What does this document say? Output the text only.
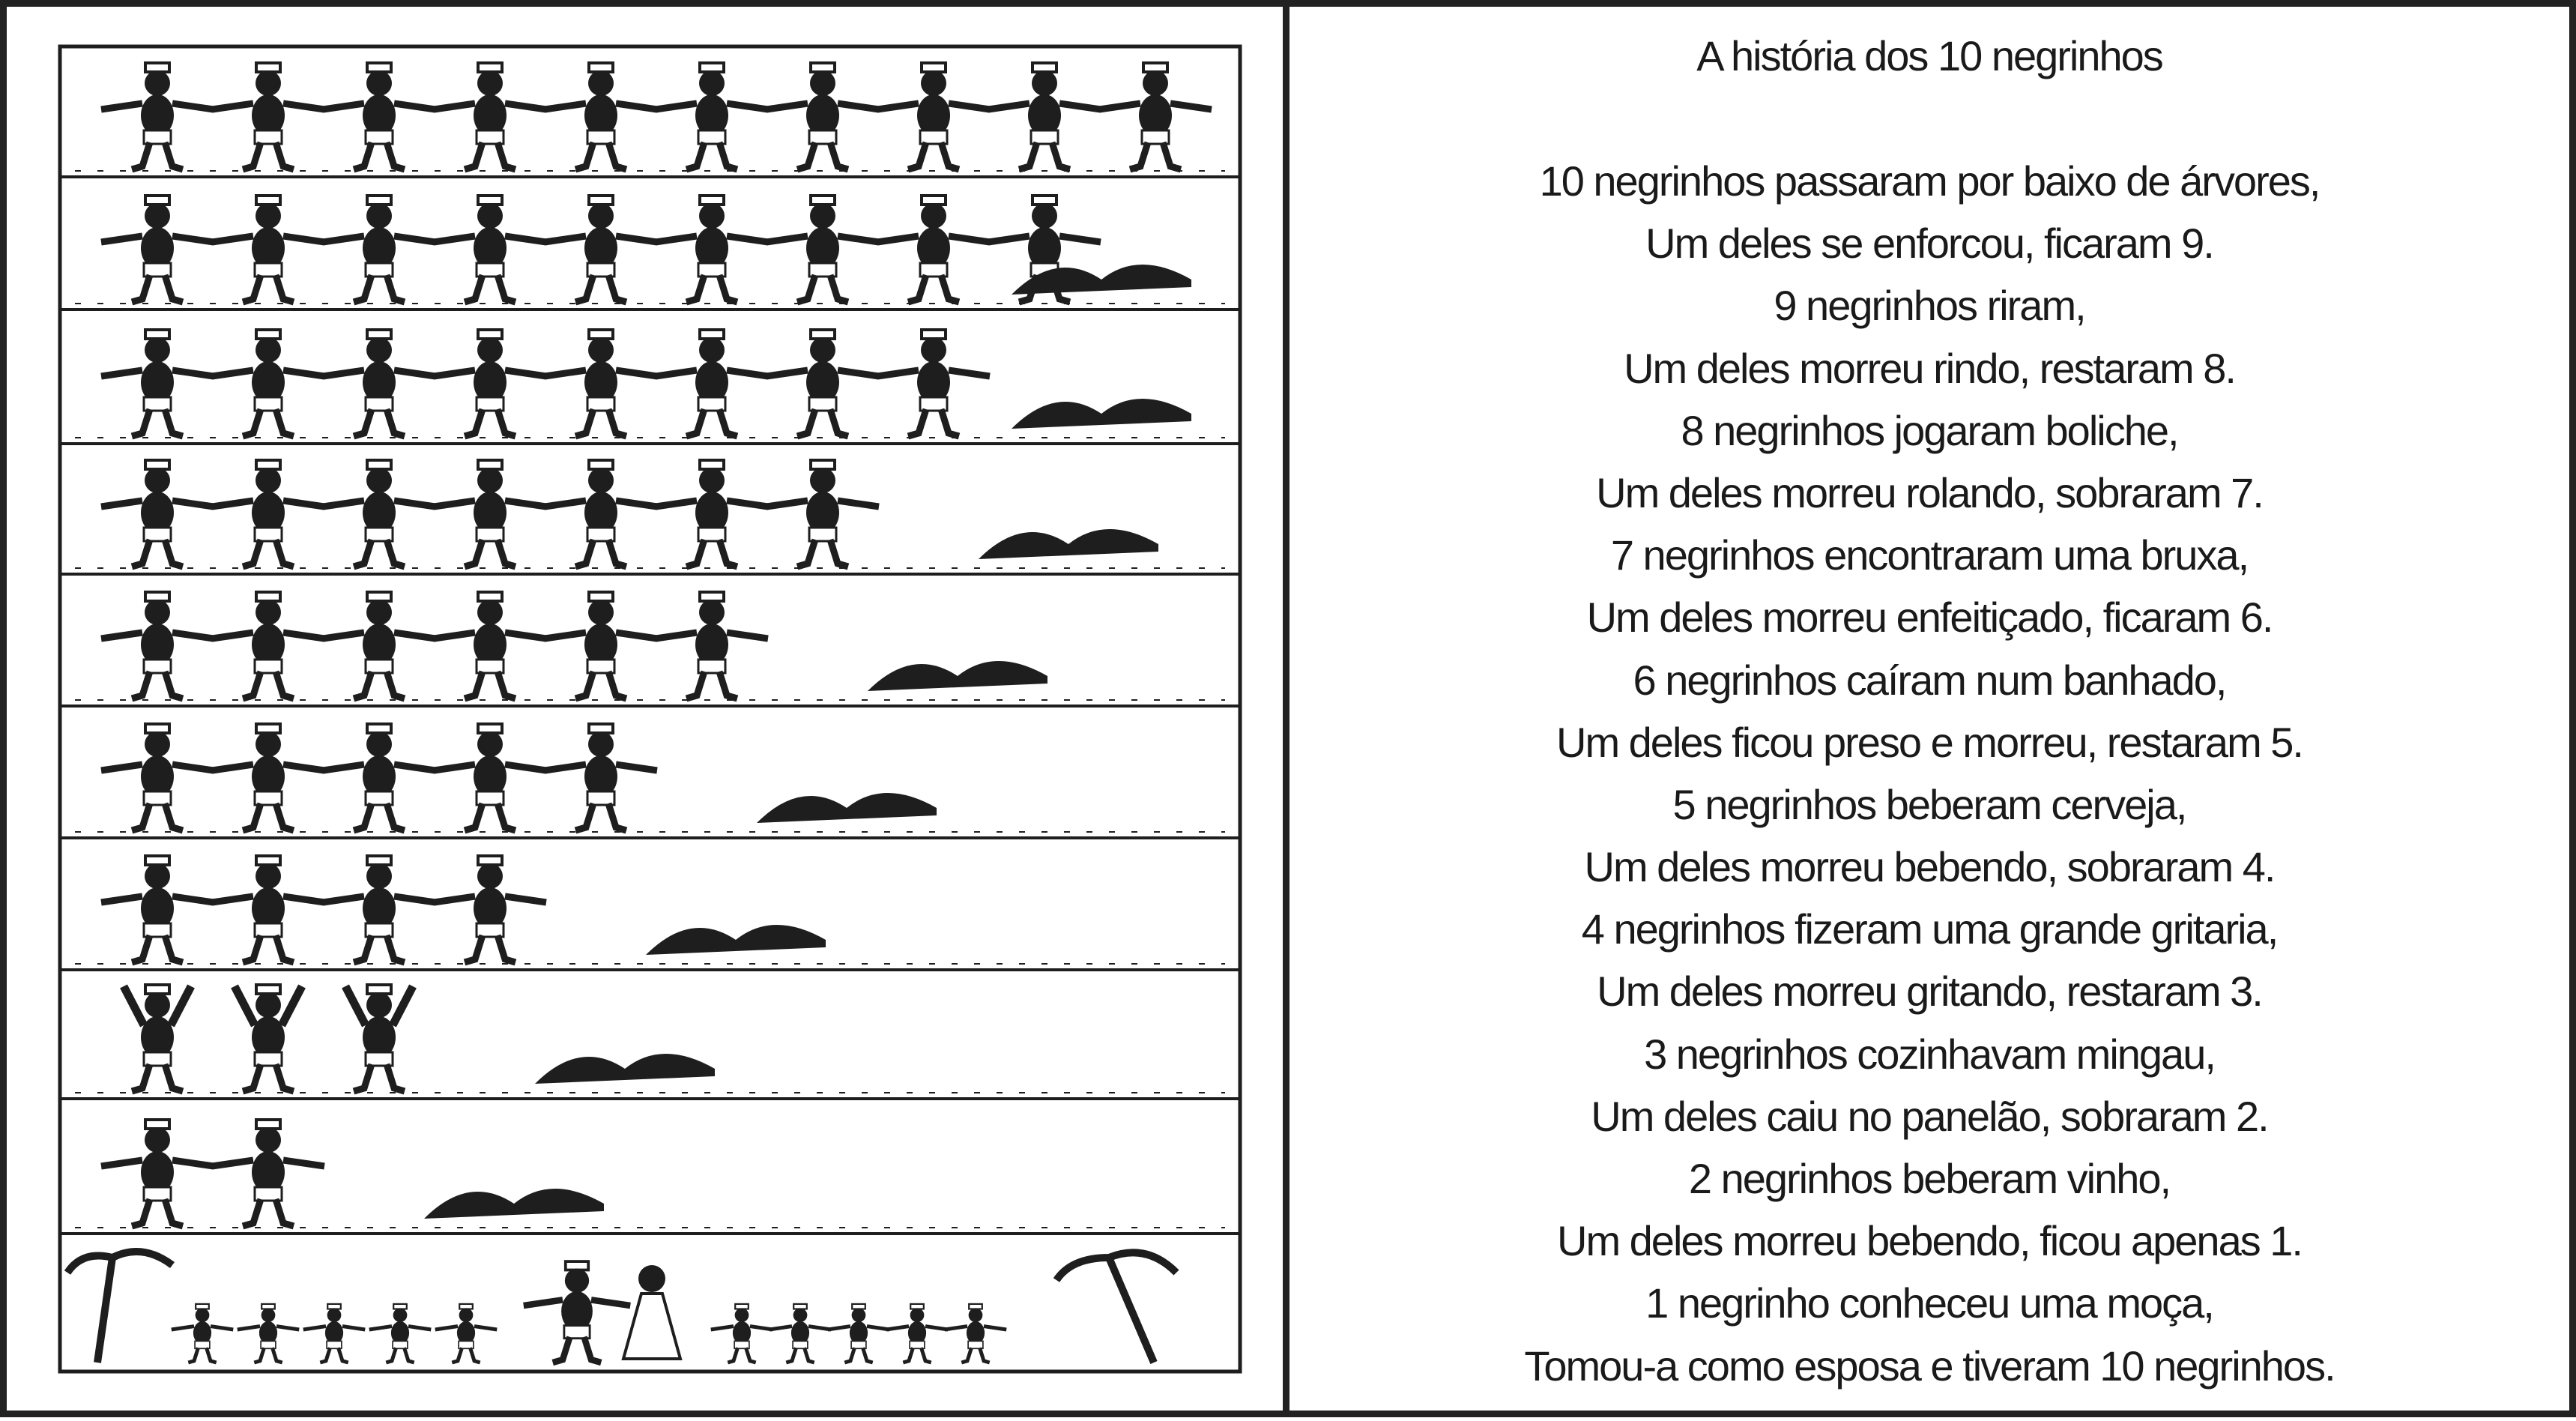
A história dos 10 negrinhos
10 negrinhos passaram por baixo de árvores,
Um deles se enforcou, ficaram 9.
9 negrinhos riram,
Um deles morreu rindo, restaram 8.
8 negrinhos jogaram boliche,
Um deles morreu rolando, sobraram 7.
7 negrinhos encontraram uma bruxa,
Um deles morreu enfeitiçado, ficaram 6.
6 negrinhos caíram num banhado,
Um deles ficou preso e morreu, restaram 5.
5 negrinhos beberam cerveja,
Um deles morreu bebendo, sobraram 4.
4 negrinhos fizeram uma grande gritaria,
Um deles morreu gritando, restaram 3.
3 negrinhos cozinhavam mingau,
Um deles caiu no panelão, sobraram 2.
2 negrinhos beberam vinho,
Um deles morreu bebendo, ficou apenas 1.
1 negrinho conheceu uma moça,
Tomou-a como esposa e tiveram 10 negrinhos.
